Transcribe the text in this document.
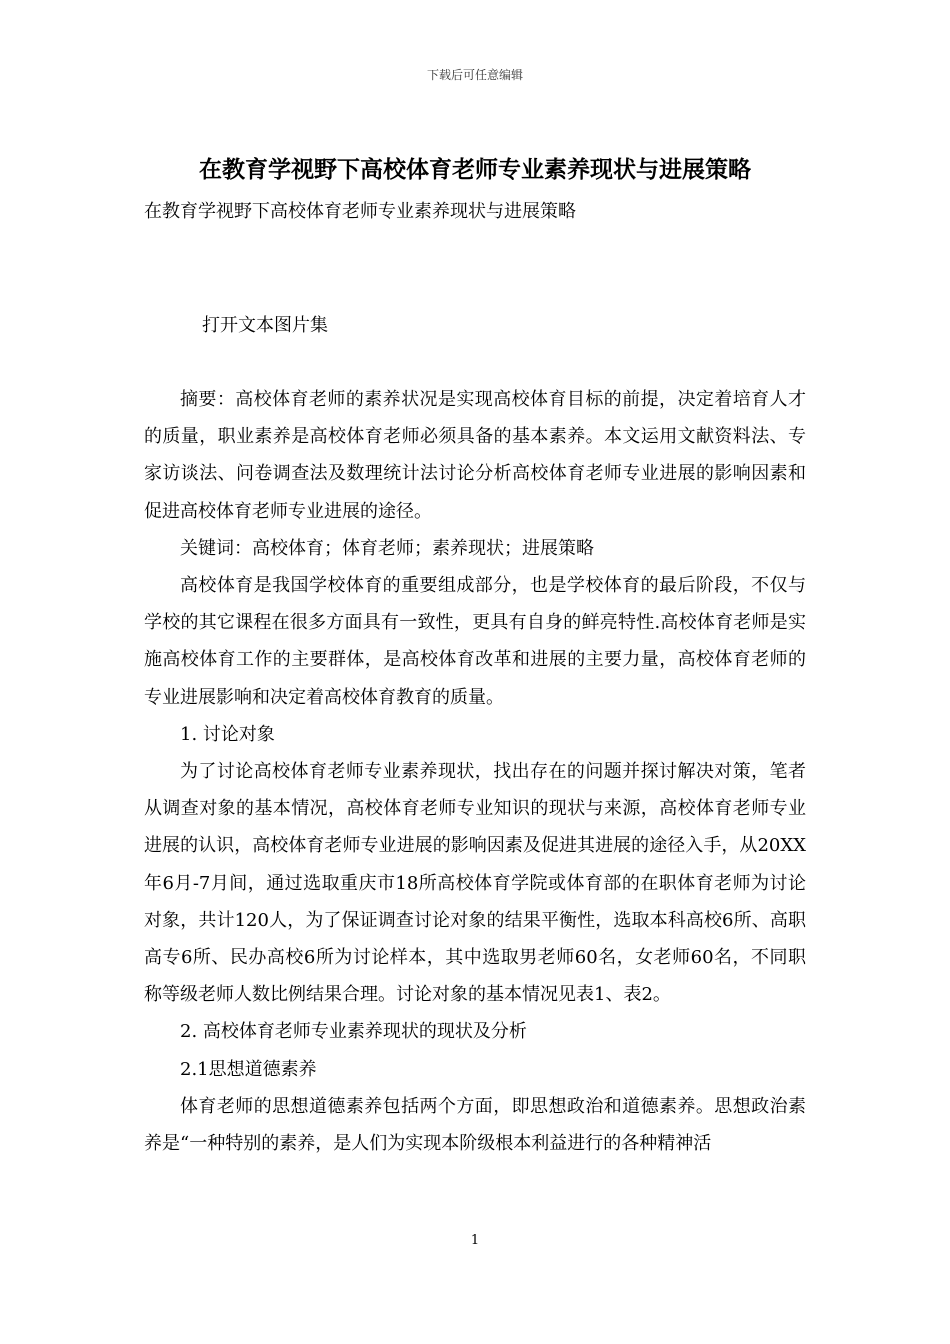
下载后可任意编辑
在教育学视野下高校体育老师专业素养现状与进展策略
在教育学视野下高校体育老师专业素养现状与进展策略
打开文本图片集

摘要：高校体育老师的素养状况是实现高校体育目标的前提，决定着培育人才的质量，职业素养是高校体育老师必须具备的基本素养。本文运用文献资料法、专家访谈法、问卷调查法及数理统计法讨论分析高校体育老师专业进展的影响因素和促进高校体育老师专业进展的途径。

关键词：高校体育；体育老师；素养现状；进展策略

高校体育是我国学校体育的重要组成部分，也是学校体育的最后阶段，不仅与学校的其它课程在很多方面具有一致性，更具有自身的鲜亮特性.高校体育老师是实施高校体育工作的主要群体，是高校体育改革和进展的主要力量，高校体育老师的专业进展影响和决定着高校体育教育的质量。

1. 讨论对象

为了讨论高校体育老师专业素养现状，找出存在的问题并探讨解决对策，笔者从调查对象的基本情况，高校体育老师专业知识的现状与来源，高校体育老师专业进展的认识，高校体育老师专业进展的影响因素及促进其进展的途径入手，从20XX年6月-7月间，通过选取重庆市18所高校体育学院或体育部的在职体育老师为讨论对象，共计120人，为了保证调查讨论对象的结果平衡性，选取本科高校6所、高职高专6所、民办高校6所为讨论样本，其中选取男老师60名，女老师60名，不同职称等级老师人数比例结果合理。讨论对象的基本情况见表1、表2。

2. 高校体育老师专业素养现状的现状及分析

2.1思想道德素养

体育老师的思想道德素养包括两个方面，即思想政治和道德素养。思想政治素养是“一种特别的素养，是人们为实现本阶级根本利益进行的各种精神活

1
